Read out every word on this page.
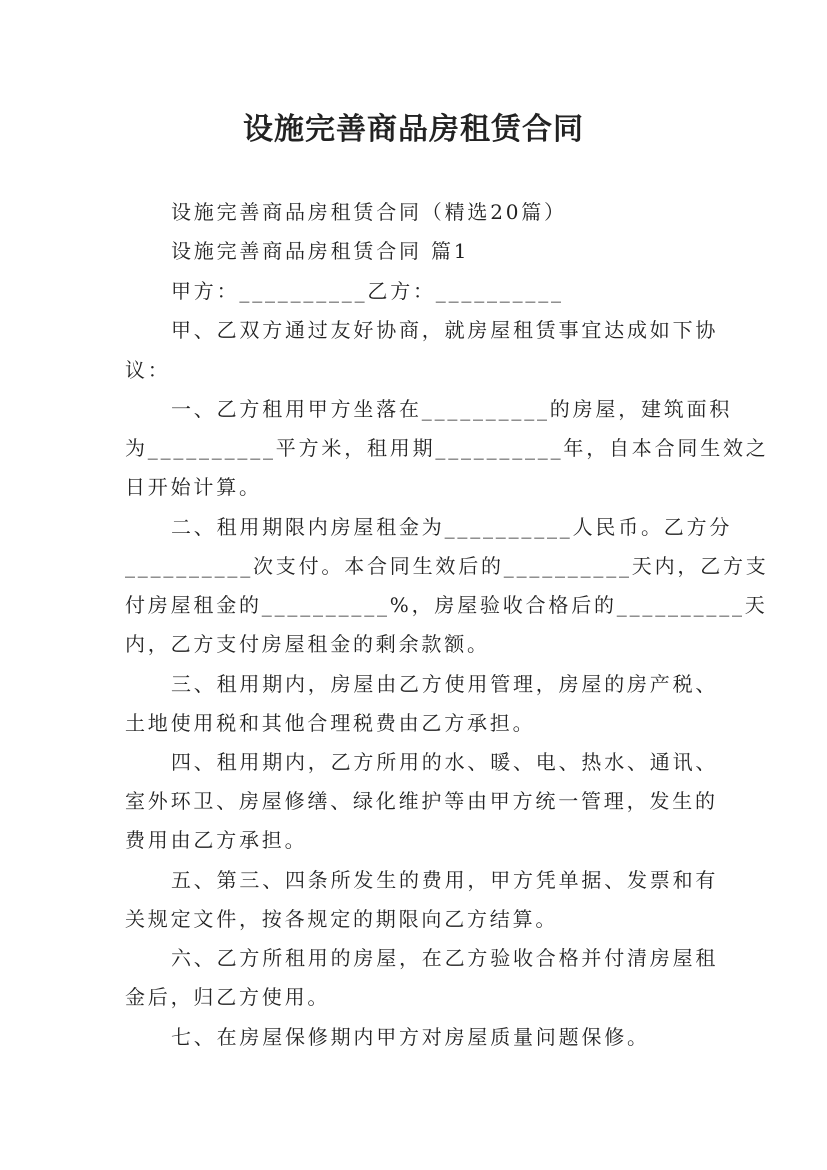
设施完善商品房租赁合同
设施完善商品房租赁合同（精选20篇）
设施完善商品房租赁合同 篇1
甲方：__________乙方：__________
甲、乙双方通过友好协商，就房屋租赁事宜达成如下协
议：
一、乙方租用甲方坐落在__________的房屋，建筑面积
为__________平方米，租用期__________年，自本合同生效之
日开始计算。
二、租用期限内房屋租金为__________人民币。乙方分
__________次支付。本合同生效后的__________天内，乙方支
付房屋租金的__________%，房屋验收合格后的__________天
内，乙方支付房屋租金的剩余款额。
三、租用期内，房屋由乙方使用管理，房屋的房产税、
土地使用税和其他合理税费由乙方承担。
四、租用期内，乙方所用的水、暖、电、热水、通讯、
室外环卫、房屋修缮、绿化维护等由甲方统一管理，发生的
费用由乙方承担。
五、第三、四条所发生的费用，甲方凭单据、发票和有
关规定文件，按各规定的期限向乙方结算。
六、乙方所租用的房屋，在乙方验收合格并付清房屋租
金后，归乙方使用。
七、在房屋保修期内甲方对房屋质量问题保修。
